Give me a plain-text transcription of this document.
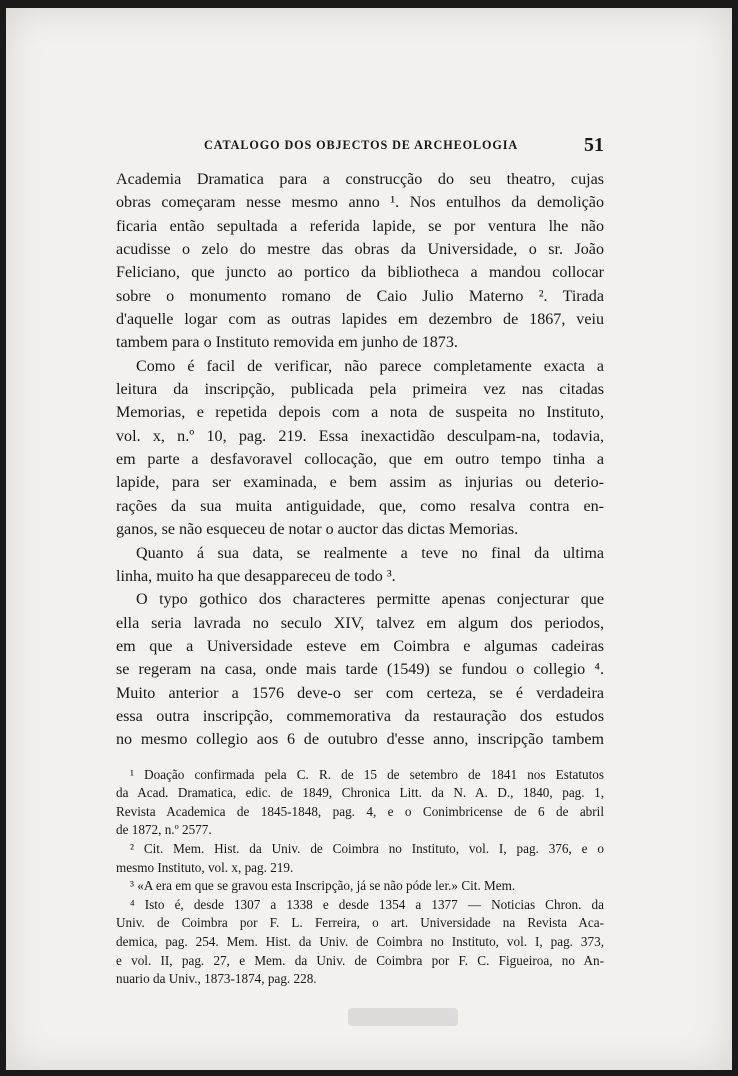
CATALOGO DOS OBJECTOS DE ARCHEOLOGIA	51

Academia Dramatica para a construcção do seu theatro, cujas

obras começaram nesse mesmo anno ¹. Nos entulhos da demolição

ficaria então sepultada a referida lapide, se por ventura lhe não

acudisse o zelo do mestre das obras da Universidade, o sr. João

Feliciano, que juncto ao portico da bibliotheca a mandou collocar

sobre o monumento romano de Caio Julio Materno ². Tirada

d'aquelle logar com as outras lapides em dezembro de 1867, veiu

tambem para o Instituto removida em junho de 1873.

Como é facil de verificar, não parece completamente exacta a

leitura da inscripção, publicada pela primeira vez nas citadas

Memorias, e repetida depois com a nota de suspeita no Instituto,

vol. x, n.º 10, pag. 219. Essa inexactidão desculpam-na, todavia,

em parte a desfavoravel collocação, que em outro tempo tinha a

lapide, para ser examinada, e bem assim as injurias ou deterio-

rações da sua muita antiguidade, que, como resalva contra en-

ganos, se não esqueceu de notar o auctor das dictas Memorias.

Quanto á sua data, se realmente a teve no final da ultima

linha, muito ha que desappareceu de todo ³.

O typo gothico dos characteres permitte apenas conjecturar que

ella seria lavrada no seculo XIV, talvez em algum dos periodos,

em que a Universidade esteve em Coimbra e algumas cadeiras

se regeram na casa, onde mais tarde (1549) se fundou o collegio ⁴.

Muito anterior a 1576 deve-o ser com certeza, se é verdadeira

essa outra inscripção, commemorativa da restauração dos estudos

no mesmo collegio aos 6 de outubro d'esse anno, inscripção tambem

¹ Doação confirmada pela C. R. de 15 de setembro de 1841 nos Estatutos

da Acad. Dramatica, edic. de 1849, Chronica Litt. da N. A. D., 1840, pag. 1,

Revista Academica de 1845-1848, pag. 4, e o Conimbricense de 6 de abril

de 1872, n.º 2577.

² Cit. Mem. Hist. da Univ. de Coimbra no Instituto, vol. I, pag. 376, e o

mesmo Instituto, vol. x, pag. 219.

³ «A era em que se gravou esta Inscripção, já se não póde ler.» Cit. Mem.

⁴ Isto é, desde 1307 a 1338 e desde 1354 a 1377 — Noticias Chron. da

Univ. de Coimbra por F. L. Ferreira, o art. Universidade na Revista Aca-

demica, pag. 254. Mem. Hist. da Univ. de Coimbra no Instituto, vol. I, pag. 373,

e vol. II, pag. 27, e Mem. da Univ. de Coimbra por F. C. Figueiroa, no An-

nuario da Univ., 1873-1874, pag. 228.
